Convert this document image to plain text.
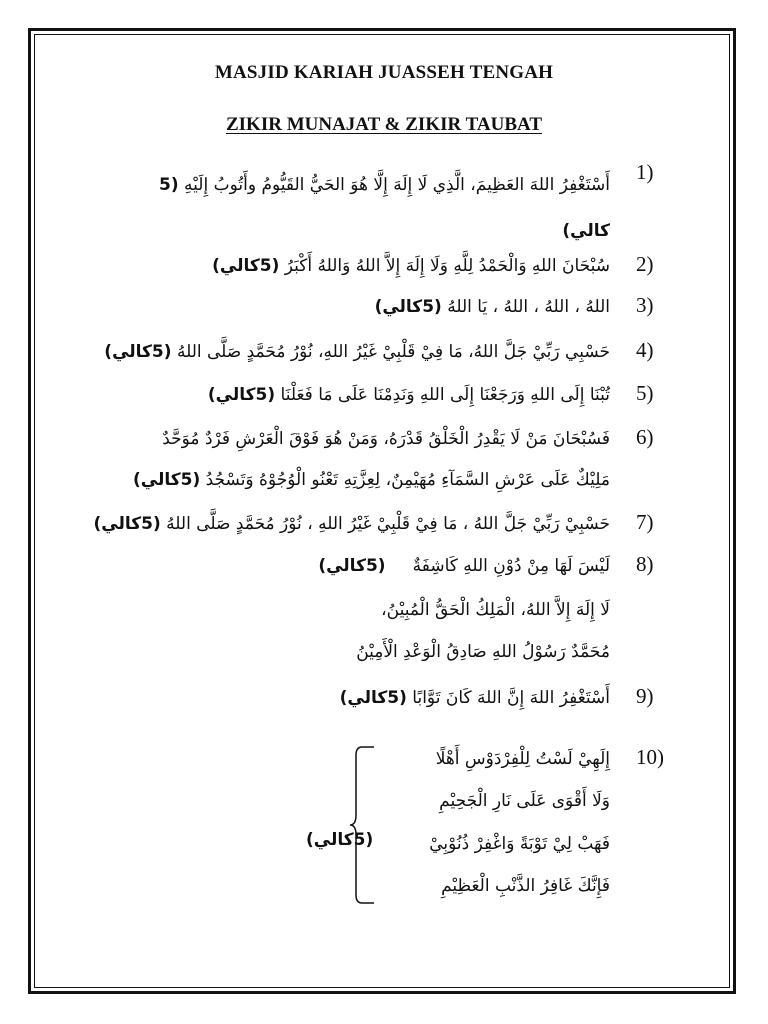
MASJID KARIAH JUASSEH TENGAH
ZIKIR MUNAJAT & ZIKIR TAUBAT
1)
أَسْتَغْفِرُ اللهَ العَظِيمَ، الَّذِي لَا إِلَهَ إِلَّا هُوَ الحَيُّ القَيُّومُ وأَتُوبُ إِلَيْهِ (5 كالي)
2)
سُبْحَانَ اللهِ وَالْحَمْدُ لِلَّهِ وَلَا إِلَهَ إِلاَّ اللهُ وَاللهُ أَكْبَرُ (5كالي)
3)
اللهُ ، اللهُ ، اللهُ ، يَا اللهُ (5كالي)
4)
حَسْبِي رَبِّيْ جَلَّ اللهُ، مَا فِيْ قَلْبِيْ غَيْرُ اللهِ، نُوْرُ مُحَمَّدٍ صَلَّى اللهُ (5كالي)
5)
تُبْنَا إِلَى اللهِ وَرَجَعْنَا إِلَى اللهِ وَنَدِمْنَا عَلَى مَا فَعَلْنَا (5كالي)
6)
فَسُبْحَانَ مَنْ لَا يَقْدِرُ الْخَلْقُ قَدْرَهُ، وَمَنْ هُوَ فَوْقَ الْعَرْشِ فَرْدٌ مُوَحَّدٌ
مَلِيْكٌ عَلَى عَرْشِ السَّمَآءِ مُهَيْمِنٌ، لِعِزَّتِهِ تَعْنُو الْوُجُوْهُ وَتَسْجُدُ (5كالي)
7)
حَسْبِيْ رَبِّيْ جَلَّ اللهُ ، مَا فِيْ قَلْبِيْ غَيْرُ اللهِ ، نُوْرُ مُحَمَّدٍ صَلَّى اللهُ (5كالي)
8)
لَيْسَ لَهَا مِنْ دُوْنِ اللهِ كَاشِفَةٌ     (5كالي)
لَا إِلَهَ إِلاَّ اللهُ، الْمَلِكُ الْحَقُّ الْمُبِيْنُ،
مُحَمَّدٌ رَسُوْلُ اللهِ صَادِقُ الْوَعْدِ الْأَمِيْنُ
9)
أَسْتَغْفِرُ اللهَ إِنَّ اللهَ كَانَ تَوَّابًا (5كالي)
10)
إِلَهِيْ لَسْتُ لِلْفِرْدَوْسِ أَهْلًا
وَلَا أَقْوَى عَلَى نَارِ الْجَحِيْمِ
فَهَبْ لِيْ تَوْبَةً وَاغْفِرْ ذُنُوْبِيْ
فَإِنَّكَ غَافِرُ الذَّنْبِ الْعَظِيْمِ
(5كالي)
